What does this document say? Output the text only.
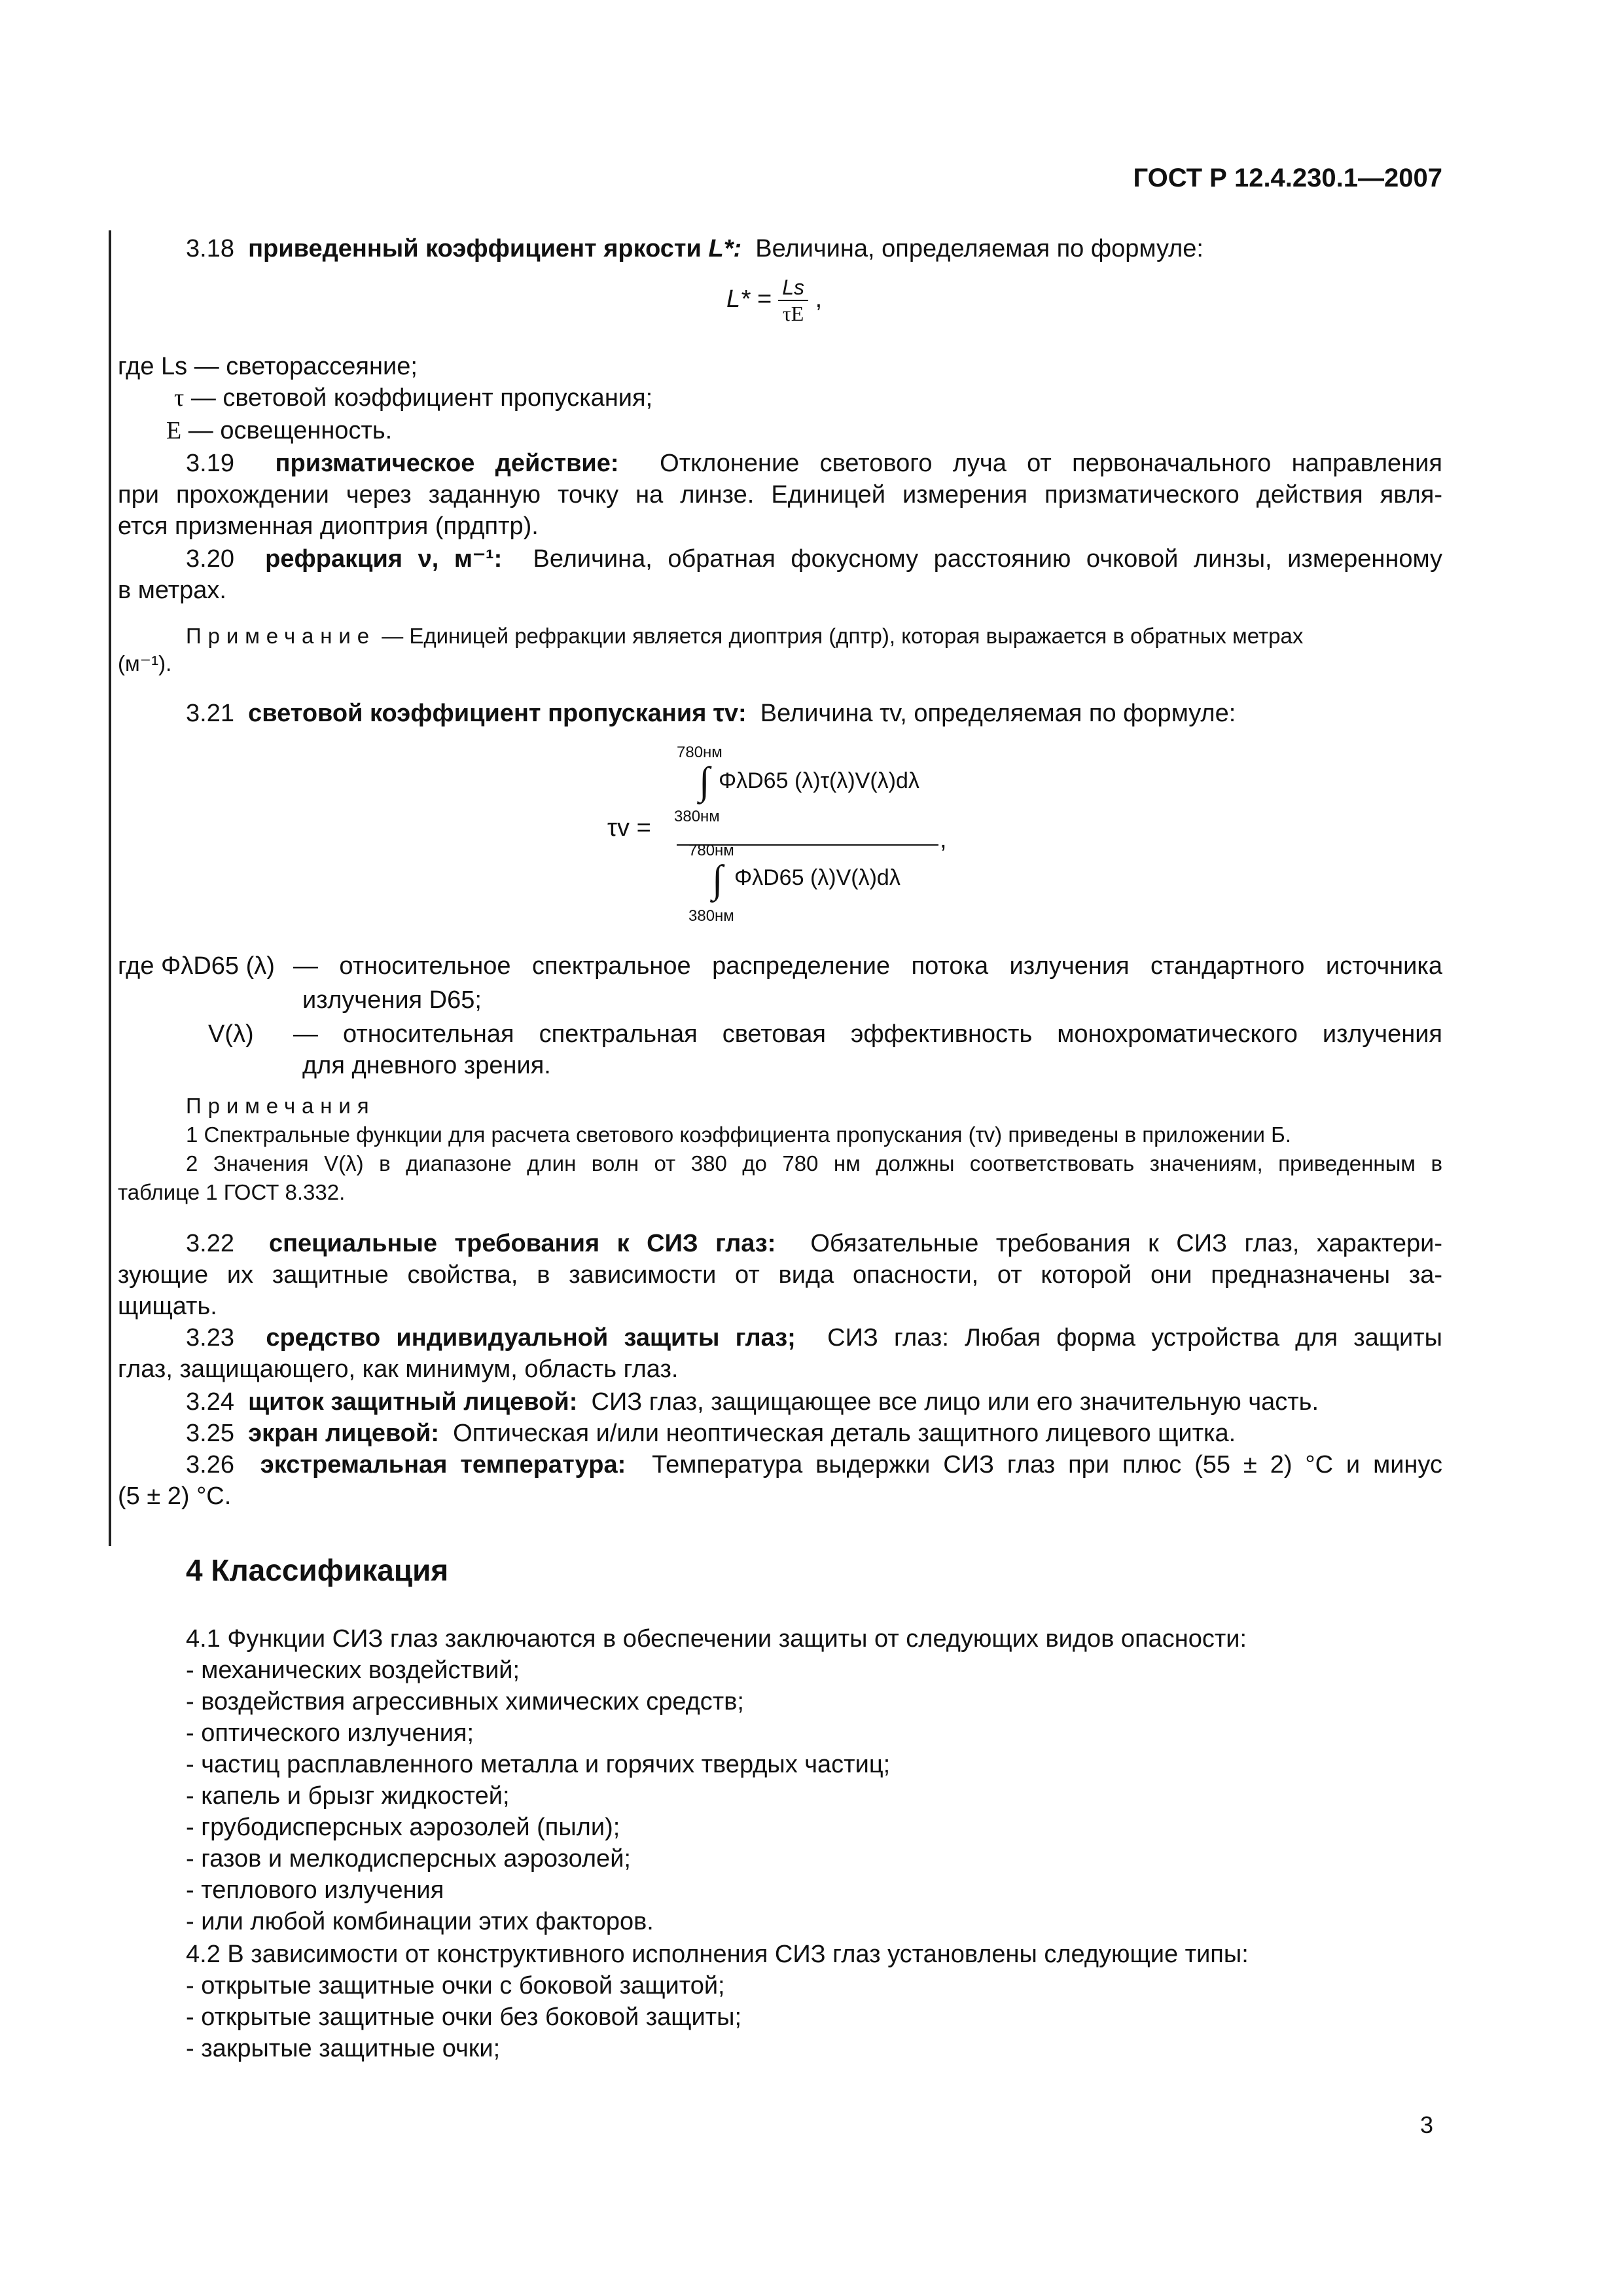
ГОСТ Р 12.4.230.1—2007
3.18 приведенный коэффициент яркости L*: Величина, определяемая по формуле:
$L* = \frac{Ls}{\tau E}$ ,
где Ls — светорассеяние;
τ — световой коэффициент пропускания;
E — освещенность.
3.19 призматическое действие: Отклонение светового луча от первоначального направления
при прохождении через заданную точку на линзе. Единицей измерения призматического действия явля-
ется призменная диоптрия (прдптр).
3.20 рефракция ν, м⁻¹: Величина, обратная фокусному расстоянию очковой линзы, измеренному
в метрах.
Примечание — Единицей рефракции является диоптрия (дптр), которая выражается в обратных метрах
(м⁻¹).
3.21 световой коэффициент пропускания τv: Величина τv, определяемая по формуле:
τv =
780нм
∫ ΦλD65 (λ)τ(λ)V(λ)dλ
380нм
780нм
∫ ΦλD65 (λ)V(λ)dλ
380нм
,
где ΦλD65 (λ) — относительное спектральное распределение потока излучения стандартного источника
излучения D65;
V(λ) — относительная спектральная световая эффективность монохроматического излучения
для дневного зрения.
Примечания
1 Спектральные функции для расчета светового коэффициента пропускания (τv) приведены в приложении Б.
2 Значения V(λ) в диапазоне длин волн от 380 до 780 нм должны соответствовать значениям, приведенным в
таблице 1 ГОСТ 8.332.
3.22 специальные требования к СИЗ глаз: Обязательные требования к СИЗ глаз, характери-
зующие их защитные свойства, в зависимости от вида опасности, от которой они предназначены за-
щищать.
3.23 средство индивидуальной защиты глаз; СИЗ глаз: Любая форма устройства для защиты
глаз, защищающего, как минимум, область глаз.
3.24 щиток защитный лицевой: СИЗ глаз, защищающее все лицо или его значительную часть.
3.25 экран лицевой: Оптическая и/или неоптическая деталь защитного лицевого щитка.
3.26 экстремальная температура: Температура выдержки СИЗ глаз при плюс (55 ± 2) °С и минус
(5 ± 2) °С.
4 Классификация
4.1 Функции СИЗ глаз заключаются в обеспечении защиты от следующих видов опасности:
- механических воздействий;
- воздействия агрессивных химических средств;
- оптического излучения;
- частиц расплавленного металла и горячих твердых частиц;
- капель и брызг жидкостей;
- грубодисперсных аэрозолей (пыли);
- газов и мелкодисперсных аэрозолей;
- теплового излучения
- или любой комбинации этих факторов.
4.2 В зависимости от конструктивного исполнения СИЗ глаз установлены следующие типы:
- открытые защитные очки с боковой защитой;
- открытые защитные очки без боковой защиты;
- закрытые защитные очки;
3
